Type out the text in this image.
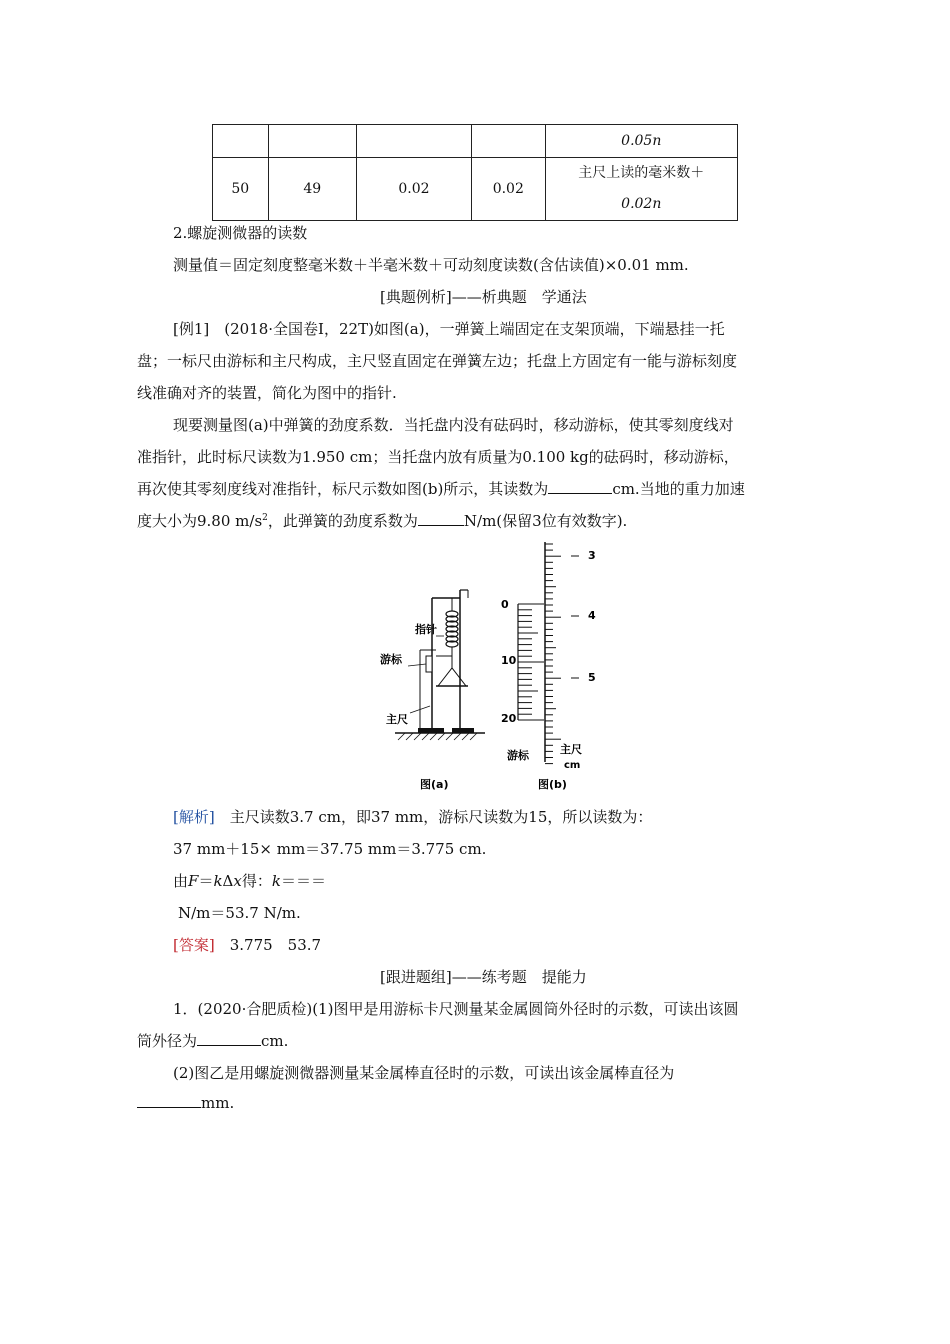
				0.05n
50	49	0.02	0.02	主尺上读的毫米数＋
0.02n
2.螺旋测微器的读数
测量值＝固定刻度整毫米数＋半毫米数＋可动刻度读数(含估读值)×0.01 mm.
[典题例析]——析典题　学通法
[例1]　 (2018·全国卷Ⅰ，22T)如图(a)，一弹簧上端固定在支架顶端，下端悬挂一托
盘；一标尺由游标和主尺构成，主尺竖直固定在弹簧左边；托盘上方固定有一能与游标刻度
线准确对齐的装置，简化为图中的指针.
现要测量图(a)中弹簧的劲度系数．当托盘内没有砝码时，移动游标，使其零刻度线对
准指针，此时标尺读数为1.950 cm；当托盘内放有质量为0.100 kg的砝码时，移动游标，
再次使其零刻度线对准指针，标尺示数如图(b)所示，其读数为	cm.当地的重力加速
度大小为9.80 $m/s^2$，此弹簧的劲度系数为	N/m(保留3位有效数字).
指针
游标
主尺
图(a)
3
4
5
0
10
20
游标	主尺
cm
图(b)
[解析]　 主尺读数3.7 cm，即37 mm，游标尺读数为15，所以读数为：
37 mm＋15× mm＝37.75 mm＝3.775 cm.
由F＝kΔx得：k＝＝＝
N/m＝53.7 N/m.
[答案]　 3.775　53.7
[跟进题组]——练考题　提能力
1．(2020·合肥质检)(1)图甲是用游标卡尺测量某金属圆筒外径时的示数，可读出该圆
筒外径为	cm.
(2)图乙是用螺旋测微器测量某金属棒直径时的示数，可读出该金属棒直径为
mm.
